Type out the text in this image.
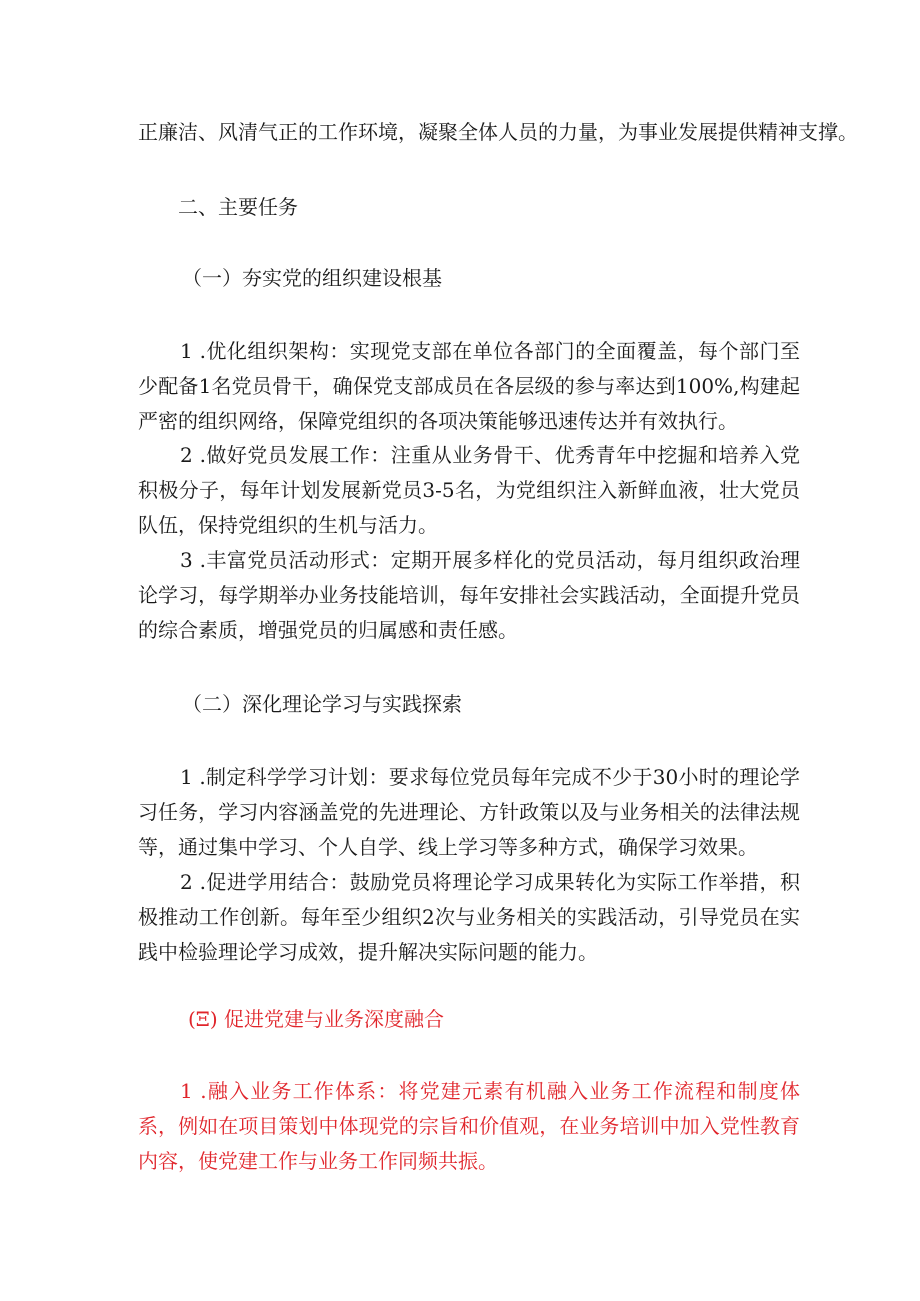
正廉洁、风清气正的工作环境，凝聚全体人员的力量，为事业发展提供精神支撑。
二、主要任务
（一）夯实党的组织建设根基
1 .优化组织架构：实现党支部在单位各部门的全面覆盖，每个部门至少配备1名党员骨干，确保党支部成员在各层级的参与率达到100%,构建起严密的组织网络，保障党组织的各项决策能够迅速传达并有效执行。
2 .做好党员发展工作：注重从业务骨干、优秀青年中挖掘和培养入党积极分子，每年计划发展新党员3-5名，为党组织注入新鲜血液，壮大党员队伍，保持党组织的生机与活力。
3 .丰富党员活动形式：定期开展多样化的党员活动，每月组织政治理论学习，每学期举办业务技能培训，每年安排社会实践活动，全面提升党员的综合素质，增强党员的归属感和责任感。
（二）深化理论学习与实践探索
1 .制定科学学习计划：要求每位党员每年完成不少于30小时的理论学习任务，学习内容涵盖党的先进理论、方针政策以及与业务相关的法律法规等，通过集中学习、个人自学、线上学习等多种方式，确保学习效果。
2 .促进学用结合：鼓励党员将理论学习成果转化为实际工作举措，积极推动工作创新。每年至少组织2次与业务相关的实践活动，引导党员在实践中检验理论学习成效，提升解决实际问题的能力。
(Ξ) 促进党建与业务深度融合
1 .融入业务工作体系：将党建元素有机融入业务工作流程和制度体系，例如在项目策划中体现党的宗旨和价值观，在业务培训中加入党性教育内容，使党建工作与业务工作同频共振。
